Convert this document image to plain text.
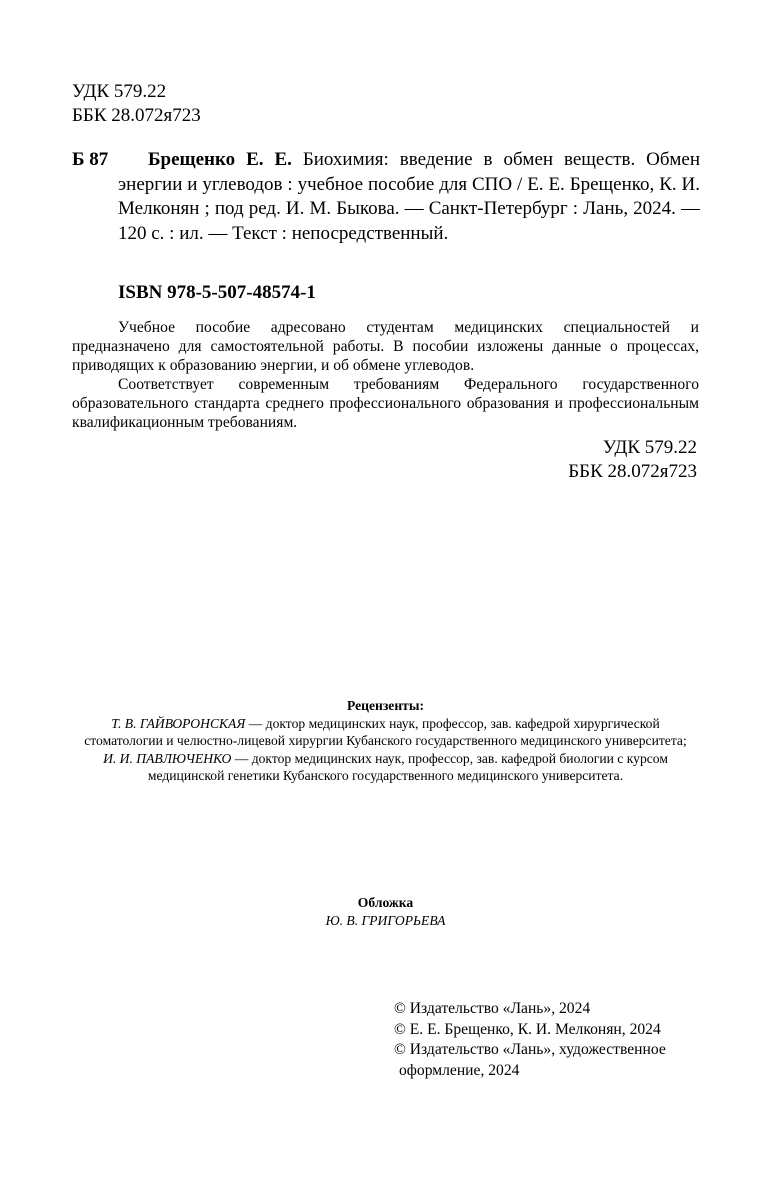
УДК 579.22
ББК 28.072я723
Б 87	Брещенко Е. Е. Биохимия: введение в обмен веществ. Обмен энергии и углеводов : учебное пособие для СПО / Е. Е. Брещенко, К. И. Мелконян ; под ред. И. М. Быкова. — Санкт-Петербург : Лань, 2024. — 120 с. : ил. — Текст : непосредственный.
ISBN 978-5-507-48574-1

Учебное пособие адресовано студентам медицинских специальностей и предназначено для самостоятельной работы. В пособии изложены данные о процессах, приводящих к образованию энергии, и об обмене углеводов.

Соответствует современным требованиям Федерального государственного образовательного стандарта среднего профессионального образования и профессиональным квалификационным требованиям.

УДК 579.22
ББК 28.072я723
Рецензенты:
Т. В. ГАЙВОРОНСКАЯ — доктор медицинских наук, профессор, зав. кафедрой хирургической стоматологии и челюстно-лицевой хирургии Кубанского государственного медицинского университета;
И. И. ПАВЛЮЧЕНКО — доктор медицинских наук, профессор, зав. кафедрой биологии с курсом медицинской генетики Кубанского государственного медицинского университета.
Обложка
Ю. В. ГРИГОРЬЕВА
© Издательство «Лань», 2024
© Е. Е. Брещенко, К. И. Мелконян, 2024
© Издательство «Лань», художественное
оформление, 2024
